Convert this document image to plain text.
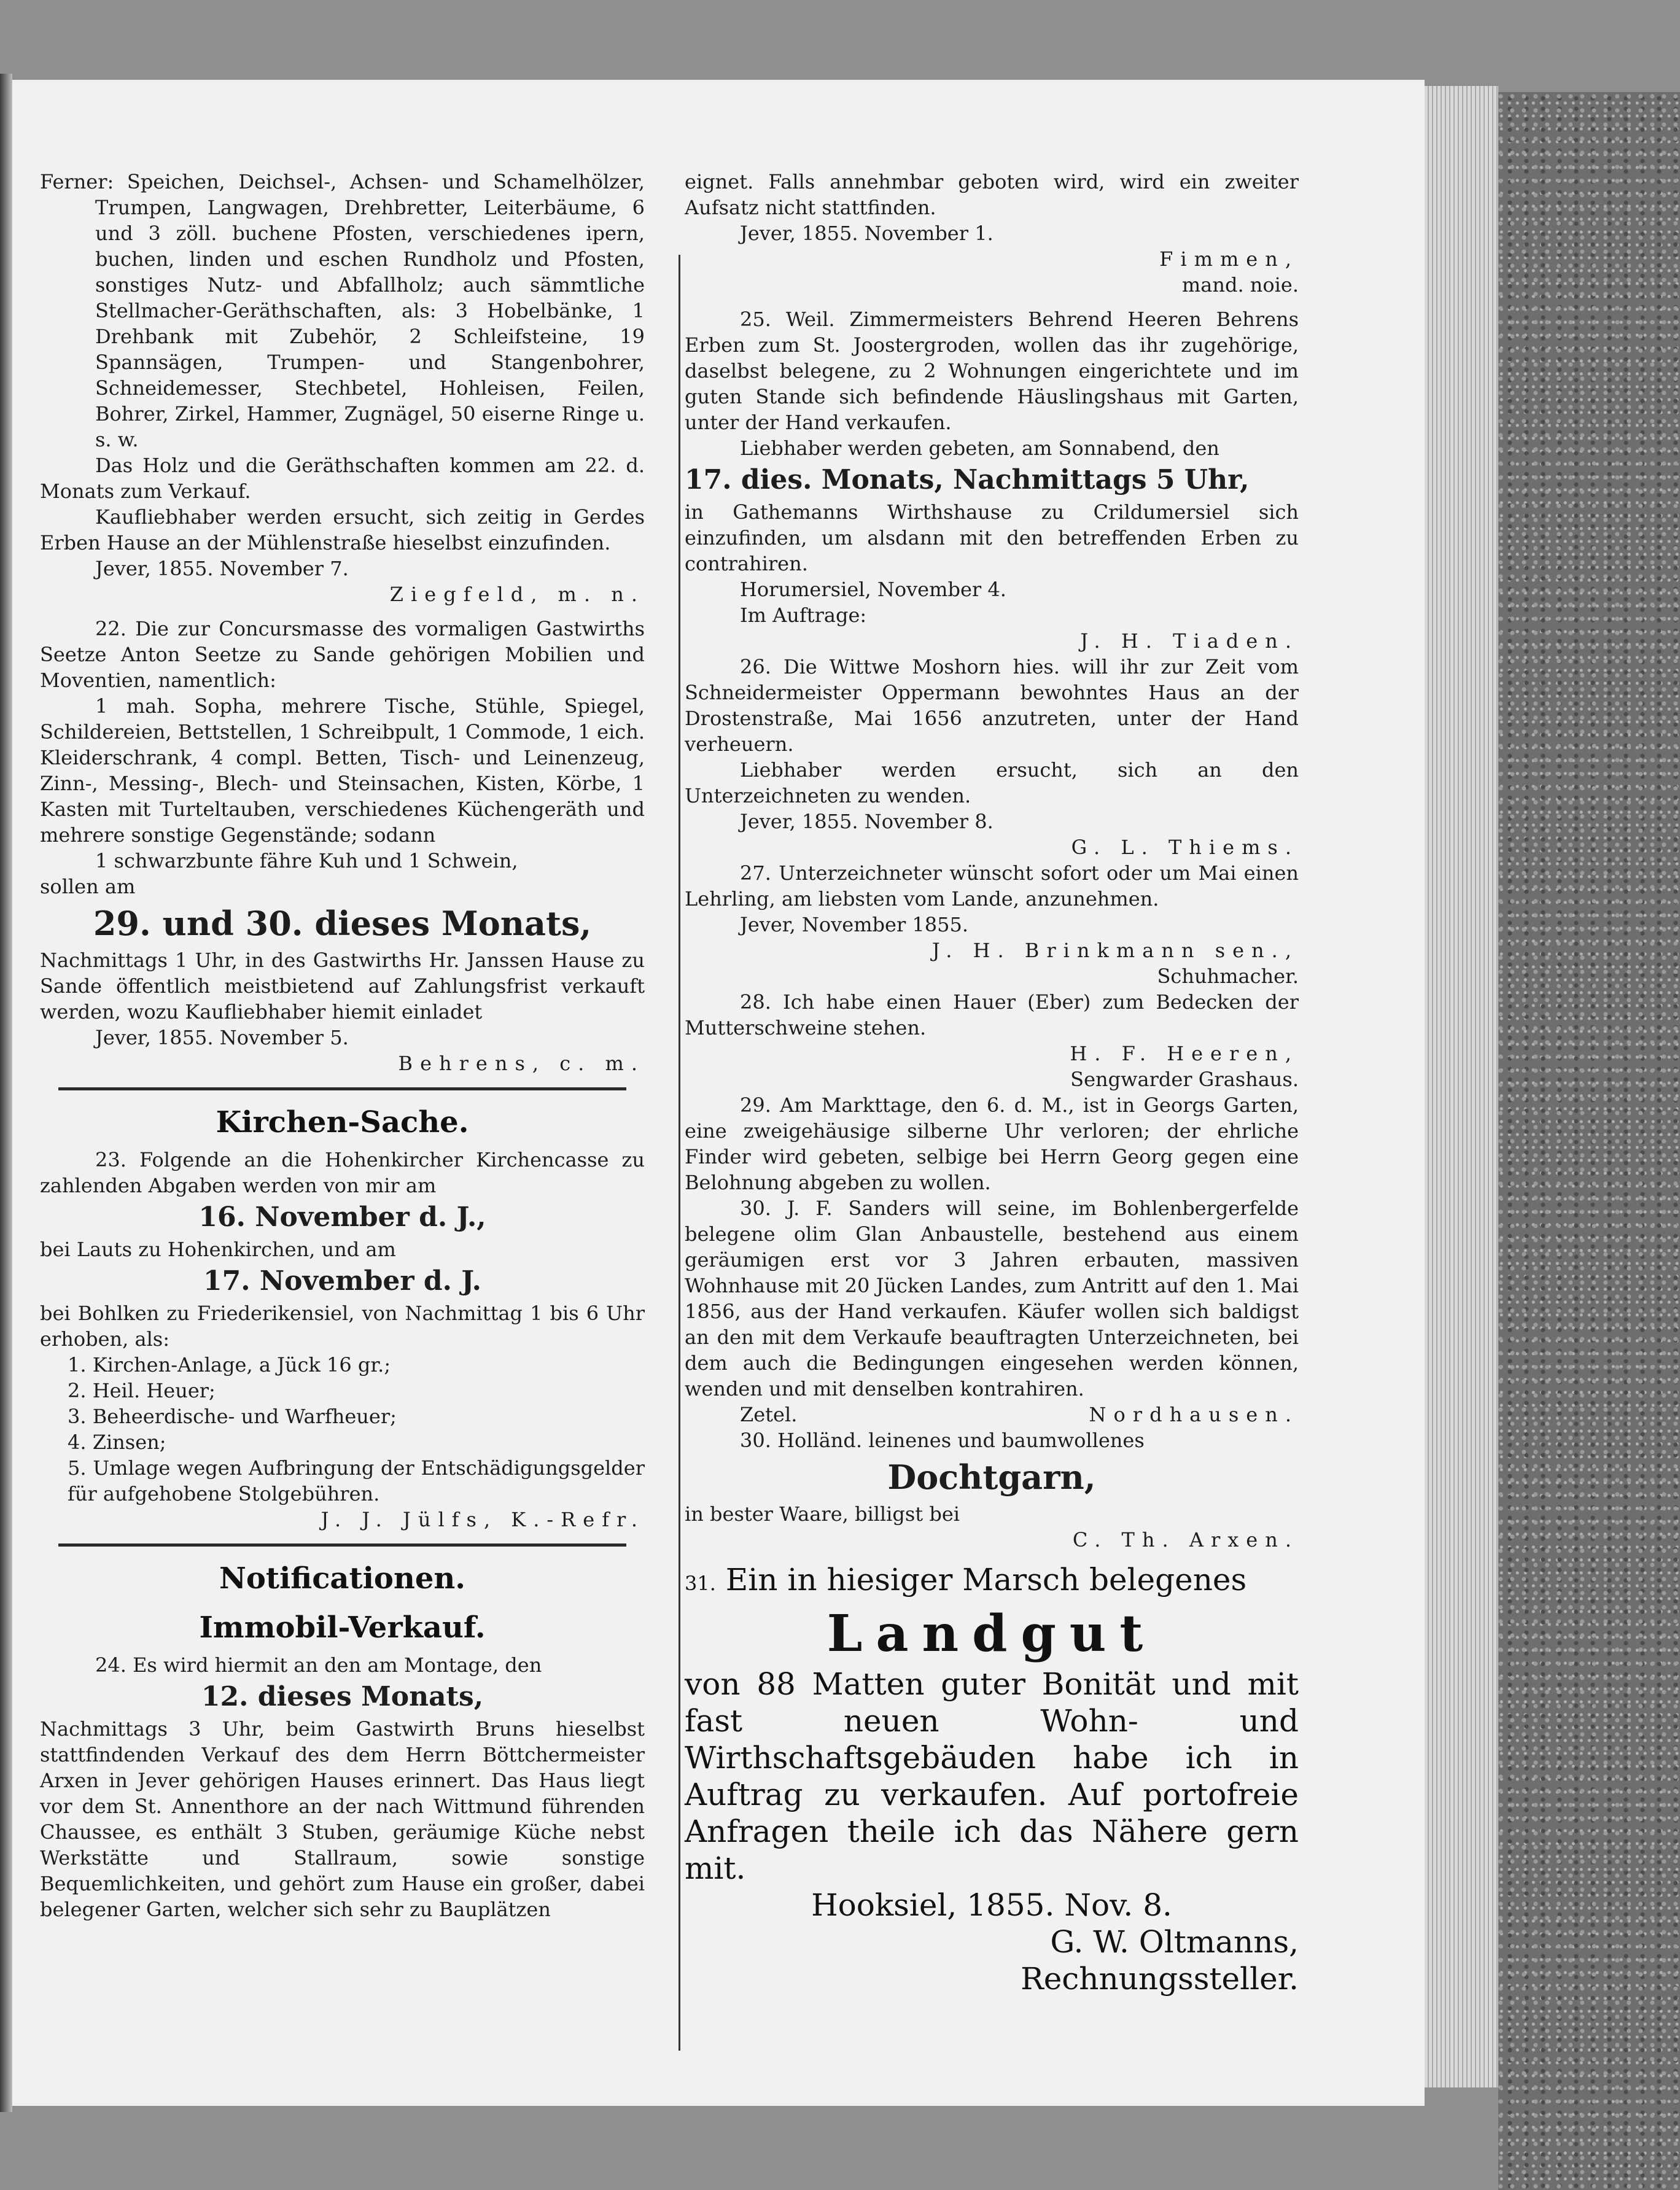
Ferner: Speichen, Deichsel-, Achsen- und Schamelhölzer, Trumpen, Langwagen, Drehbretter, Leiterbäume, 6 und 3 zöll. buchene Pfosten, verschiedenes ipern, buchen, linden und eschen Rundholz und Pfosten, sonstiges Nutz- und Abfallholz; auch sämmtliche Stellmacher-Geräthschaften, als: 3 Hobelbänke, 1 Drehbank mit Zubehör, 2 Schleifsteine, 19 Spannsägen, Trumpen- und Stangenbohrer, Schneidemesser, Stechbetel, Hohleisen, Feilen, Bohrer, Zirkel, Hammer, Zugnägel, 50 eiserne Ringe u. s. w.

Das Holz und die Geräthschaften kommen am 22. d. Monats zum Verkauf.

Kaufliebhaber werden ersucht, sich zeitig in Gerdes Erben Hause an der Mühlenstraße hieselbst einzufinden.

Jever, 1855. November 7.

Ziegfeld, m. n.

22. Die zur Concursmasse des vormaligen Gastwirths Seetze Anton Seetze zu Sande gehörigen Mobilien und Moventien, namentlich:

1 mah. Sopha, mehrere Tische, Stühle, Spiegel, Schildereien, Bettstellen, 1 Schreibpult, 1 Commode, 1 eich. Kleiderschrank, 4 compl. Betten, Tisch- und Leinenzeug, Zinn-, Messing-, Blech- und Steinsachen, Kisten, Körbe, 1 Kasten mit Turteltauben, verschiedenes Küchengeräth und mehrere sonstige Gegenstände; sodann

1 schwarzbunte fähre Kuh und 1 Schwein,

sollen am

29. und 30. dieses Monats,

Nachmittags 1 Uhr, in des Gastwirths Hr. Janssen Hause zu Sande öffentlich meistbietend auf Zahlungsfrist verkauft werden, wozu Kaufliebhaber hiemit einladet

Jever, 1855. November 5.

Behrens, c. m.

Kirchen-Sache.

23. Folgende an die Hohenkircher Kirchencasse zu zahlenden Abgaben werden von mir am

16. November d. J.,

bei Lauts zu Hohenkirchen, und am

17. November d. J.

bei Bohlken zu Friederikensiel, von Nachmittag 1 bis 6 Uhr erhoben, als:

1. Kirchen-Anlage, a Jück 16 gr.;

2. Heil. Heuer;

3. Beheerdische- und Warfheuer;

4. Zinsen;

5. Umlage wegen Aufbringung der Entschädigungsgelder für aufgehobene Stolgebühren.

J. J. Jülfs, K.-Refr.

Notificationen.

Immobil-Verkauf.

24. Es wird hiermit an den am Montage, den

12. dieses Monats,

Nachmittags 3 Uhr, beim Gastwirth Bruns hieselbst stattfindenden Verkauf des dem Herrn Böttchermeister Arxen in Jever gehörigen Hauses erinnert. Das Haus liegt vor dem St. Annenthore an der nach Wittmund führenden Chaussee, es enthält 3 Stuben, geräumige Küche nebst Werkstätte und Stallraum, sowie sonstige Bequemlichkeiten, und gehört zum Hause ein großer, dabei belegener Garten, welcher sich sehr zu Bauplätzen

eignet. Falls annehmbar geboten wird, wird ein zweiter Aufsatz nicht stattfinden.

Jever, 1855. November 1.

Fimmen,

mand. noie.

25. Weil. Zimmermeisters Behrend Heeren Behrens Erben zum St. Joostergroden, wollen das ihr zugehörige, daselbst belegene, zu 2 Wohnungen eingerichtete und im guten Stande sich befindende Häuslingshaus mit Garten, unter der Hand verkaufen.

Liebhaber werden gebeten, am Sonnabend, den

17. dies. Monats, Nachmittags 5 Uhr,

in Gathemanns Wirthshause zu Crildumersiel sich einzufinden, um alsdann mit den betreffenden Erben zu contrahiren.

Horumersiel, November 4.

Im Auftrage:

J. H. Tiaden.

26. Die Wittwe Moshorn hies. will ihr zur Zeit vom Schneidermeister Oppermann bewohntes Haus an der Drostenstraße, Mai 1656 anzutreten, unter der Hand verheuern.

Liebhaber werden ersucht, sich an den Unterzeichneten zu wenden.

Jever, 1855. November 8.

G. L. Thiems.

27. Unterzeichneter wünscht sofort oder um Mai einen Lehrling, am liebsten vom Lande, anzunehmen.

Jever, November 1855.

J. H. Brinkmann sen.,

Schuhmacher.

28. Ich habe einen Hauer (Eber) zum Bedecken der Mutterschweine stehen.

H. F. Heeren,

Sengwarder Grashaus.

29. Am Markttage, den 6. d. M., ist in Georgs Garten, eine zweigehäusige silberne Uhr verloren; der ehrliche Finder wird gebeten, selbige bei Herrn Georg gegen eine Belohnung abgeben zu wollen.

30. J. F. Sanders will seine, im Bohlenbergerfelde belegene olim Glan Anbaustelle, bestehend aus einem geräumigen erst vor 3 Jahren erbauten, massiven Wohnhause mit 20 Jücken Landes, zum Antritt auf den 1. Mai 1856, aus der Hand verkaufen. Käufer wollen sich baldigst an den mit dem Verkaufe beauftragten Unterzeichneten, bei dem auch die Bedingungen eingesehen werden können, wenden und mit denselben kontrahiren.

Zetel.	Nordhausen.

30. Holländ. leinenes und baumwollenes

Dochtgarn,

in bester Waare, billigst bei

C. Th. Arxen.

31. Ein in hiesiger Marsch belegenes

Landgut

von 88 Matten guter Bonität und mit fast neuen Wohn- und Wirthschaftsgebäuden habe ich in Auftrag zu verkaufen. Auf portofreie Anfragen theile ich das Nähere gern mit.

Hooksiel, 1855. Nov. 8.

G. W. Oltmanns,

Rechnungssteller.
